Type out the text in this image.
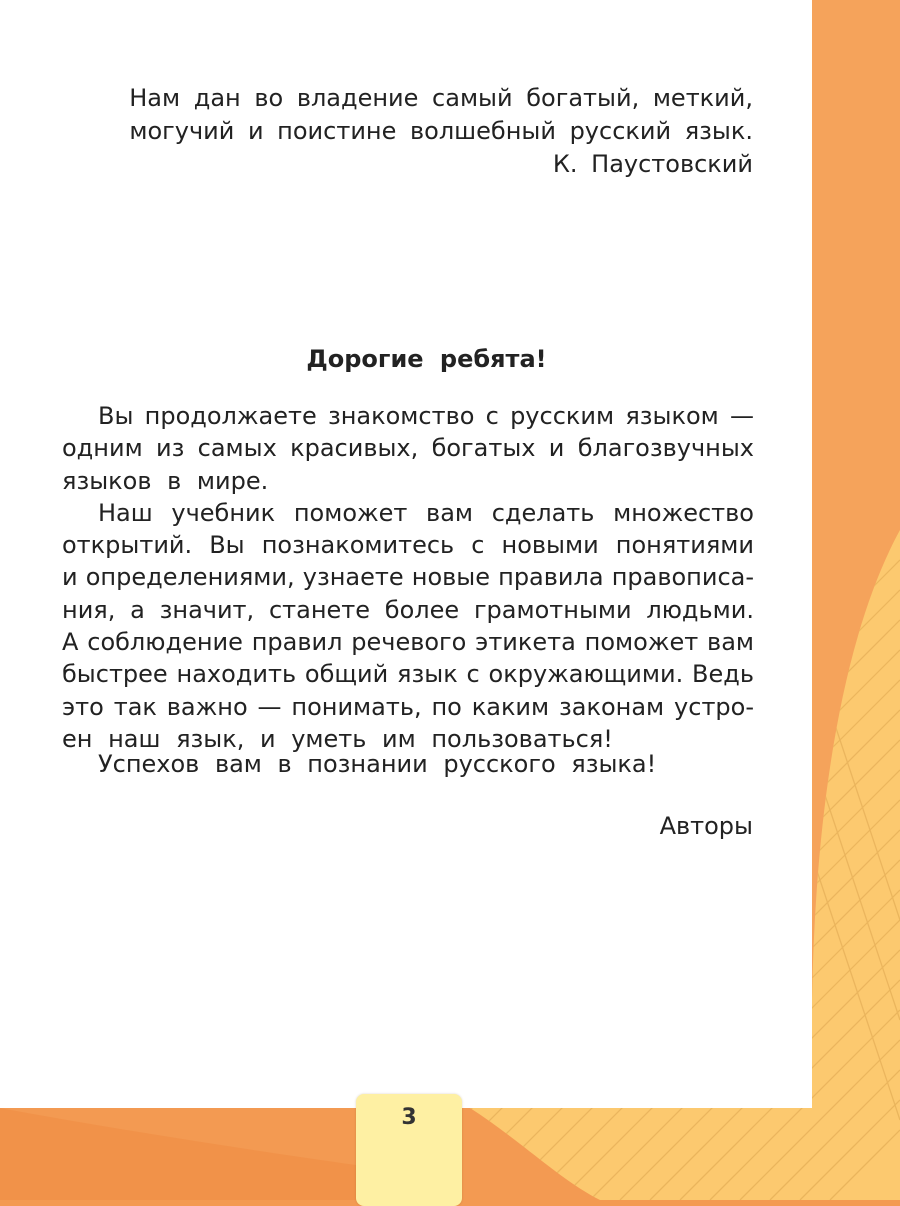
Нам дан во владение самый богатый, меткий,
могучий и поистине волшебный русский язык.
К. Паустовский
Дорогие ребята!
Вы продолжаете знакомство с русским языком —
одним из самых красивых, богатых и благозвучных
языков в мире.
Наш учебник поможет вам сделать множество
открытий. Вы познакомитесь с новыми понятиями
и определениями, узнаете новые правила правописа-
ния, а значит, станете более грамотными людьми.
А соблюдение правил речевого этикета поможет вам
быстрее находить общий язык с окружающими. Ведь
это так важно — понимать, по каким законам устро-
ен наш язык, и уметь им пользоваться!
Успехов вам в познании русского языка!
Авторы
3
